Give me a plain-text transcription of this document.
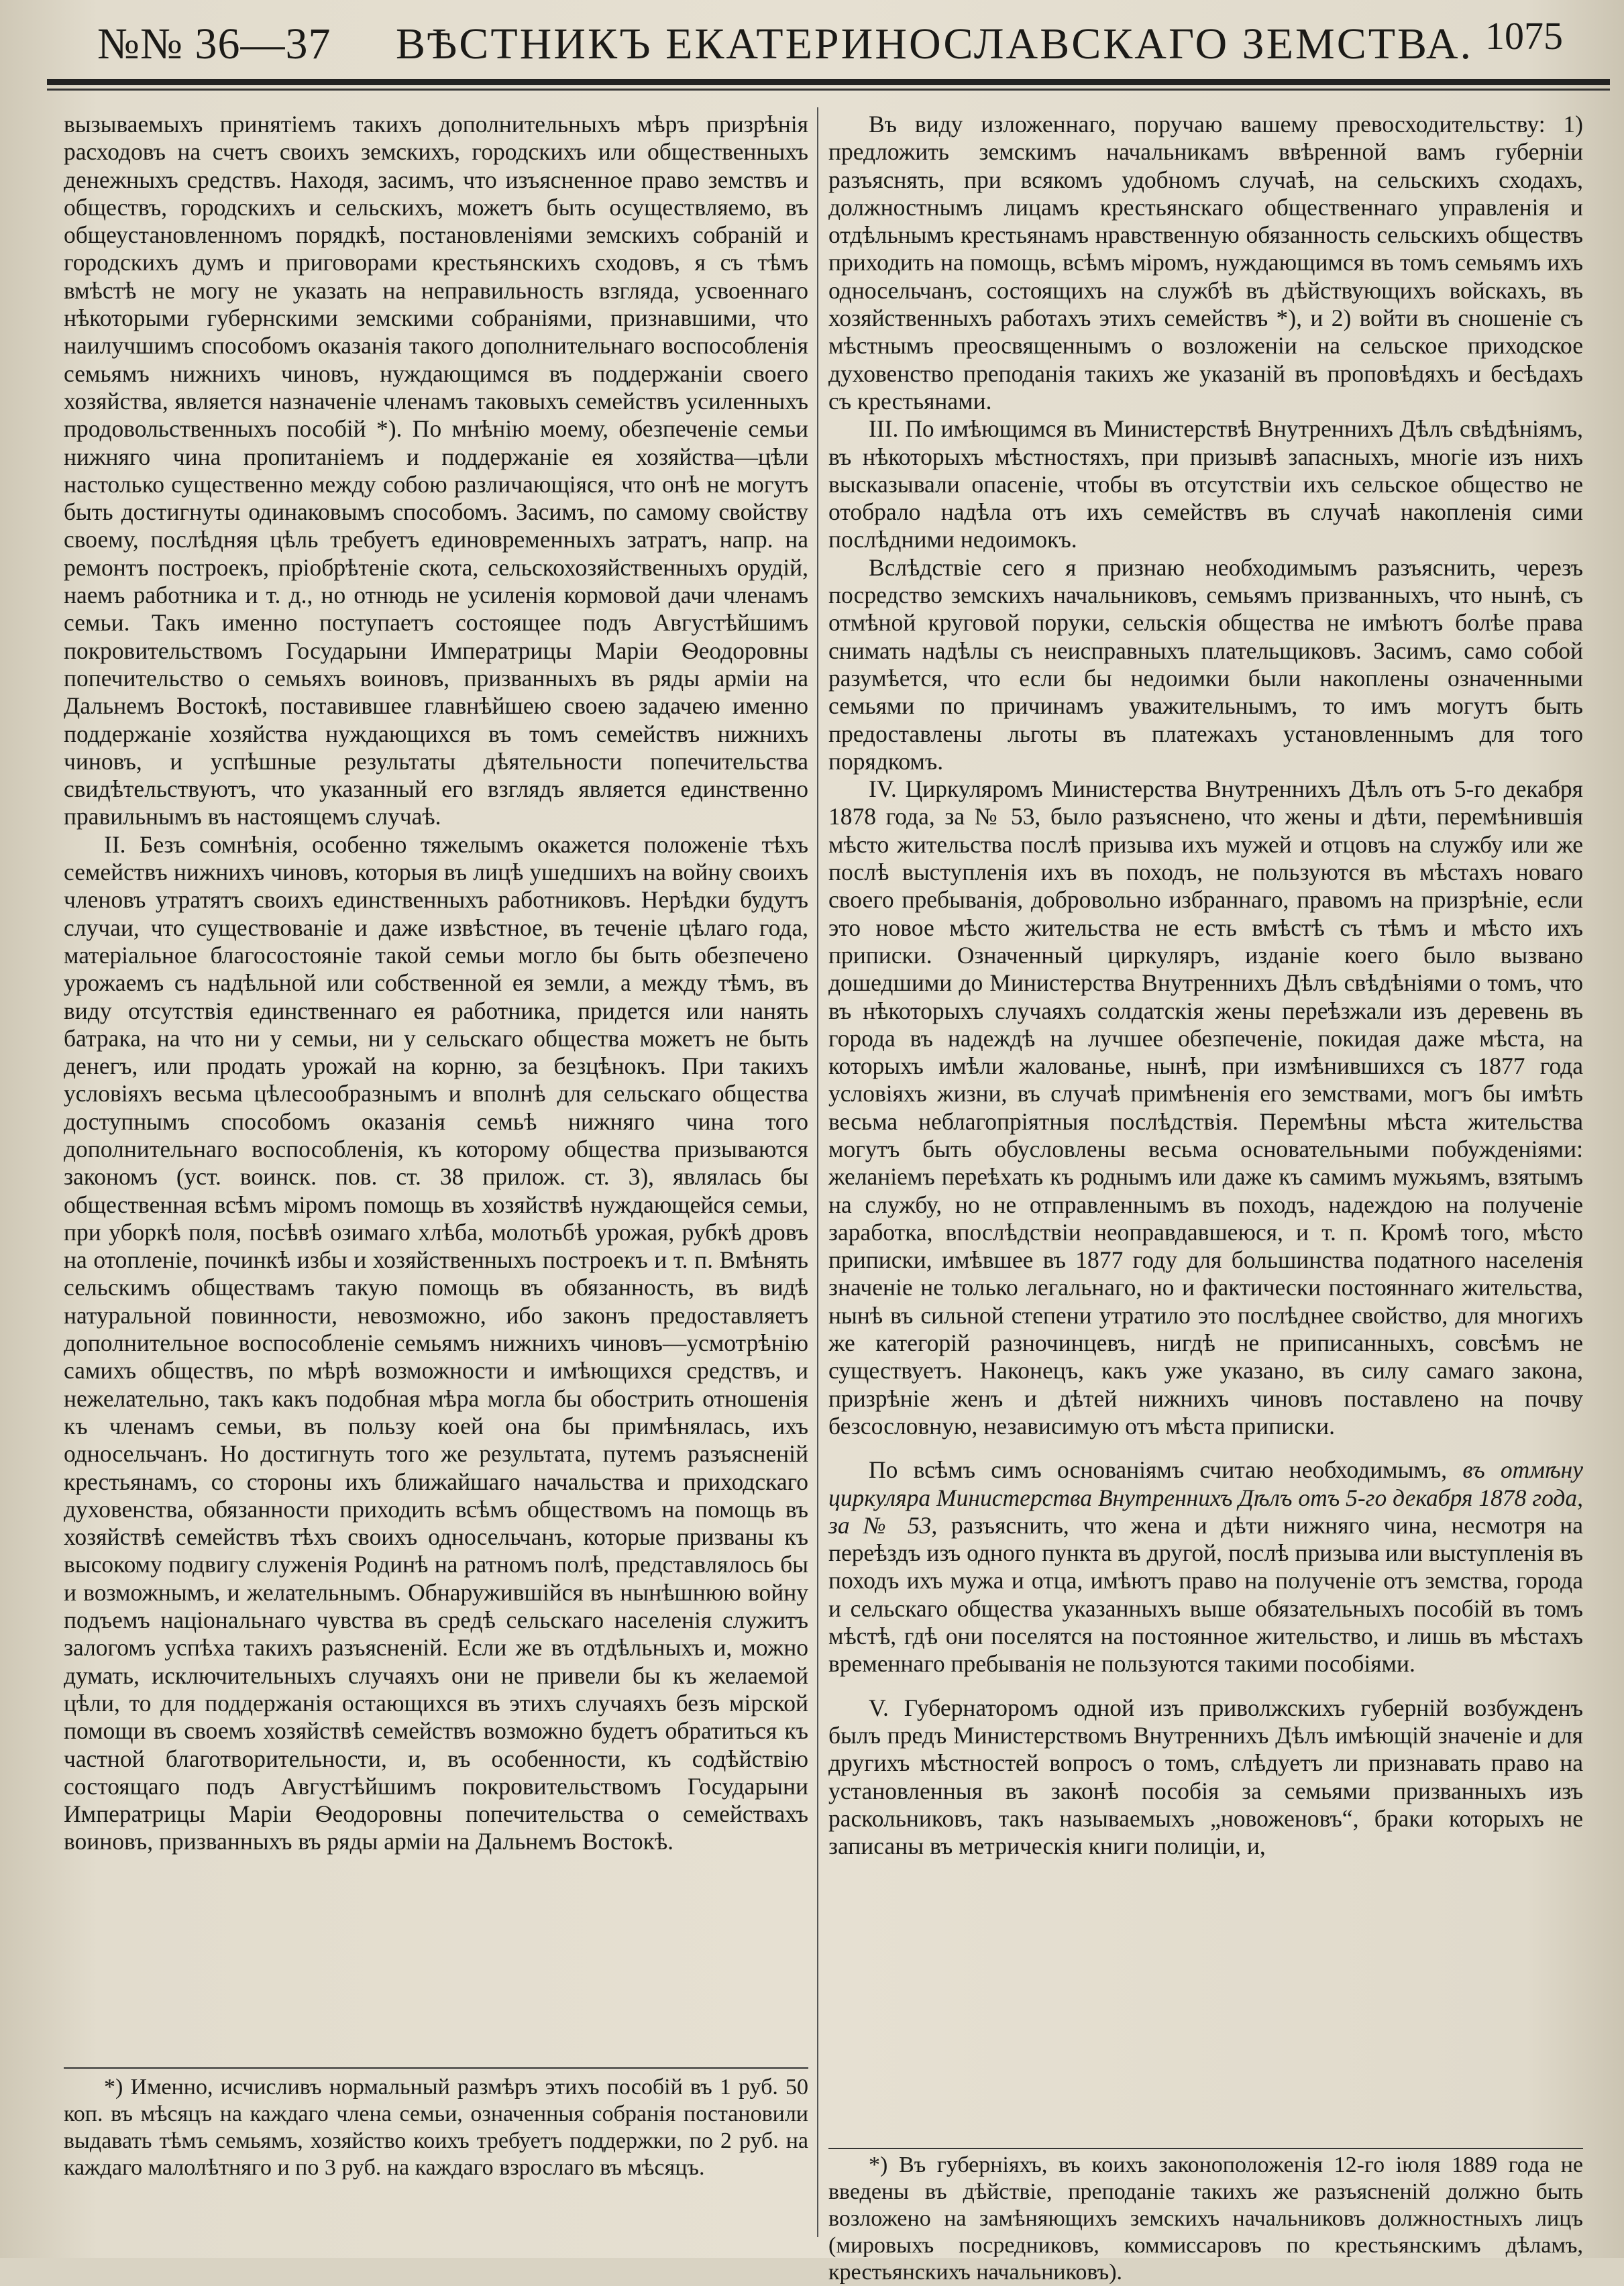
№№ 36—37 ВѢСТНИКЪ ЕКАТЕРИНОСЛАВСКАГО ЗЕМСТВА. 1075

вызываемыхъ принятіемъ такихъ дополнительныхъ мѣръ призрѣнія расходовъ на счетъ своихъ земскихъ, городскихъ или общественныхъ денежныхъ средствъ. Находя, засимъ, что изъясненное право земствъ и обществъ, городскихъ и сельскихъ, можетъ быть осуществляемо, въ общеустановленномъ порядкѣ, постановленіями земскихъ собраній и городскихъ думъ и приговорами крестьянскихъ сходовъ, я съ тѣмъ вмѣстѣ не могу не указать на неправильность взгляда, усвоеннаго нѣкоторыми губернскими земскими собраніями, признавшими, что наилучшимъ способомъ оказанія такого дополнительнаго воспособленія семьямъ нижнихъ чиновъ, нуждающимся въ поддержаніи своего хозяйства, является назначеніе членамъ таковыхъ семействъ усиленныхъ продовольственныхъ пособій *). По мнѣнію моему, обезпеченіе семьи нижняго чина пропитаніемъ и поддержаніе ея хозяйства—цѣли настолько существенно между собою различающіяся, что онѣ не могутъ быть достигнуты одинаковымъ способомъ. Засимъ, по самому свойству своему, послѣдняя цѣль требуетъ единовременныхъ затратъ, напр. на ремонтъ построекъ, пріобрѣтеніе скота, сельскохозяйственныхъ орудій, наемъ работника и т. д., но отнюдь не усиленія кормовой дачи членамъ семьи. Такъ именно поступаетъ состоящее подъ Августѣйшимъ покровительствомъ Государыни Императрицы Маріи Ѳеодоровны попечительство о семьяхъ воиновъ, призванныхъ въ ряды арміи на Дальнемъ Востокѣ, поставившее главнѣйшею своею задачею именно поддержаніе хозяйства нуждающихся въ томъ семействъ нижнихъ чиновъ, и успѣшные результаты дѣятельности попечительства свидѣтельствуютъ, что указанный его взглядъ является единственно правильнымъ въ настоящемъ случаѣ.

II. Безъ сомнѣнія, особенно тяжелымъ окажется положеніе тѣхъ семействъ нижнихъ чиновъ, которыя въ лицѣ ушедшихъ на войну своихъ членовъ утратятъ своихъ единственныхъ работниковъ. Нерѣдки будутъ случаи, что существованіе и даже извѣстное, въ теченіе цѣлаго года, матеріальное благосостояніе такой семьи могло бы быть обезпечено урожаемъ съ надѣльной или собственной ея земли, а между тѣмъ, въ виду отсутствія единственнаго ея работника, придется или нанять батрака, на что ни у семьи, ни у сельскаго общества можетъ не быть денегъ, или продать урожай на корню, за безцѣнокъ. При такихъ условіяхъ весьма цѣлесообразнымъ и вполнѣ для сельскаго общества доступнымъ способомъ оказанія семьѣ нижняго чина того дополнительнаго воспособленія, къ которому общества призываются закономъ (уст. воинск. пов. ст. 38 прилож. ст. 3), являлась бы общественная всѣмъ міромъ помощь въ хозяйствѣ нуждающейся семьи, при уборкѣ поля, посѣвѣ озимаго хлѣба, молотьбѣ урожая, рубкѣ дровъ на отопленіе, починкѣ избы и хозяйственныхъ построекъ и т. п. Вмѣнять сельскимъ обществамъ такую помощь въ обязанность, въ видѣ натуральной повинности, невозможно, ибо законъ предоставляетъ дополнительное воспособленіе семьямъ нижнихъ чиновъ—усмотрѣнію самихъ обществъ, по мѣрѣ возможности и имѣющихся средствъ, и нежелательно, такъ какъ подобная мѣра могла бы обострить отношенія къ членамъ семьи, въ пользу коей она бы примѣнялась, ихъ односельчанъ. Но достигнуть того же результата, путемъ разъясненій крестьянамъ, со стороны ихъ ближайшаго начальства и приходскаго духовенства, обязанности приходить всѣмъ обществомъ на помощь въ хозяйствѣ семействъ тѣхъ своихъ односельчанъ, которые призваны къ высокому подвигу служенія Родинѣ на ратномъ полѣ, представлялось бы и возможнымъ, и желательнымъ. Обнаружившійся въ нынѣшнюю войну подъемъ національнаго чувства въ средѣ сельскаго населенія служитъ залогомъ успѣха такихъ разъясненій. Если же въ отдѣльныхъ и, можно думать, исключительныхъ случаяхъ они не привели бы къ желаемой цѣли, то для поддержанія остающихся въ этихъ случаяхъ безъ мірской помощи въ своемъ хозяйствѣ семействъ возможно будетъ обратиться къ частной благотворительности, и, въ особенности, къ содѣйствію состоящаго подъ Августѣйшимъ покровительствомъ Государыни Императрицы Маріи Ѳеодоровны попечительства о семействахъ воиновъ, призванныхъ въ ряды арміи на Дальнемъ Востокѣ.

Въ виду изложеннаго, поручаю вашему превосходительству: 1) предложить земскимъ начальникамъ ввѣренной вамъ губерніи разъяснять, при всякомъ удобномъ случаѣ, на сельскихъ сходахъ, должностнымъ лицамъ крестьянскаго общественнаго управленія и отдѣльнымъ крестьянамъ нравственную обязанность сельскихъ обществъ приходить на помощь, всѣмъ міромъ, нуждающимся въ томъ семьямъ ихъ односельчанъ, состоящихъ на службѣ въ дѣйствующихъ войскахъ, въ хозяйственныхъ работахъ этихъ семействъ *), и 2) войти въ сношеніе съ мѣстнымъ преосвященнымъ о возложеніи на сельское приходское духовенство преподанія такихъ же указаній въ проповѣдяхъ и бесѣдахъ съ крестьянами.

III. По имѣющимся въ Министерствѣ Внутреннихъ Дѣлъ свѣдѣніямъ, въ нѣкоторыхъ мѣстностяхъ, при призывѣ запасныхъ, многіе изъ нихъ высказывали опасеніе, чтобы въ отсутствіи ихъ сельское общество не отобрало надѣла отъ ихъ семействъ въ случаѣ накопленія сими послѣдними недоимокъ.

Вслѣдствіе сего я признаю необходимымъ разъяснить, черезъ посредство земскихъ начальниковъ, семьямъ призванныхъ, что нынѣ, съ отмѣной круговой поруки, сельскія общества не имѣютъ болѣе права снимать надѣлы съ неисправныхъ плательщиковъ. Засимъ, само собой разумѣется, что если бы недоимки были накоплены означенными семьями по причинамъ уважительнымъ, то имъ могутъ быть предоставлены льготы въ платежахъ установленнымъ для того порядкомъ.

IV. Циркуляромъ Министерства Внутреннихъ Дѣлъ отъ 5-го декабря 1878 года, за № 53, было разъяснено, что жены и дѣти, перемѣнившія мѣсто жительства послѣ призыва ихъ мужей и отцовъ на службу или же послѣ выступленія ихъ въ походъ, не пользуются въ мѣстахъ новаго своего пребыванія, добровольно избраннаго, правомъ на призрѣніе, если это новое мѣсто жительства не есть вмѣстѣ съ тѣмъ и мѣсто ихъ приписки. Означенный циркуляръ, изданіе коего было вызвано дошедшими до Министерства Внутреннихъ Дѣлъ свѣдѣніями о томъ, что въ нѣкоторыхъ случаяхъ солдатскія жены переѣзжали изъ деревень въ города въ надеждѣ на лучшее обезпеченіе, покидая даже мѣста, на которыхъ имѣли жалованье, нынѣ, при измѣнившихся съ 1877 года условіяхъ жизни, въ случаѣ примѣненія его земствами, могъ бы имѣть весьма неблагопріятныя послѣдствія. Перемѣны мѣста жительства могутъ быть обусловлены весьма основательными побужденіями: желаніемъ переѣхать къ роднымъ или даже къ самимъ мужьямъ, взятымъ на службу, но не отправленнымъ въ походъ, надеждою на полученіе заработка, впослѣдствіи неоправдавшеюся, и т. п. Кромѣ того, мѣсто приписки, имѣвшее въ 1877 году для большинства податного населенія значеніе не только легальнаго, но и фактически постояннаго жительства, нынѣ въ сильной степени утратило это послѣднее свойство, для многихъ же категорій разночинцевъ, нигдѣ не приписанныхъ, совсѣмъ не существуетъ. Наконецъ, какъ уже указано, въ силу самаго закона, призрѣніе женъ и дѣтей нижнихъ чиновъ поставлено на почву безсословную, независимую отъ мѣста приписки.

По всѣмъ симъ основаніямъ считаю необходимымъ, въ отмѣну циркуляра Министерства Внутреннихъ Дѣлъ отъ 5-го декабря 1878 года, за № 53, разъяснить, что жена и дѣти нижняго чина, несмотря на переѣздъ изъ одного пункта въ другой, послѣ призыва или выступленія въ походъ ихъ мужа и отца, имѣютъ право на полученіе отъ земства, города и сельскаго общества указанныхъ выше обязательныхъ пособій въ томъ мѣстѣ, гдѣ они поселятся на постоянное жительство, и лишь въ мѣстахъ временнаго пребыванія не пользуются такими пособіями.

V. Губернаторомъ одной изъ приволжскихъ губерній возбужденъ былъ предъ Министерствомъ Внутреннихъ Дѣлъ имѣющій значеніе и для другихъ мѣстностей вопросъ о томъ, слѣдуетъ ли признавать право на установленныя въ законѣ пособія за семьями призванныхъ изъ раскольниковъ, такъ называемыхъ „новоженовъ“, браки которыхъ не записаны въ метрическія книги полиціи, и,

*) Именно, исчисливъ нормальный размѣръ этихъ пособій въ 1 руб. 50 коп. въ мѣсяцъ на каждаго члена семьи, означенныя собранія постановили выдавать тѣмъ семьямъ, хозяйство коихъ требуетъ поддержки, по 2 руб. на каждаго малолѣтняго и по 3 руб. на каждаго взрослаго въ мѣсяцъ.	*) Въ губерніяхъ, въ коихъ законоположенія 12-го іюля 1889 года не введены въ дѣйствіе, преподаніе такихъ же разъясненій должно быть возложено на замѣняющихъ земскихъ начальниковъ должностныхъ лицъ (мировыхъ посредниковъ, коммиссаровъ по крестьянскимъ дѣламъ, крестьянскихъ начальниковъ).
